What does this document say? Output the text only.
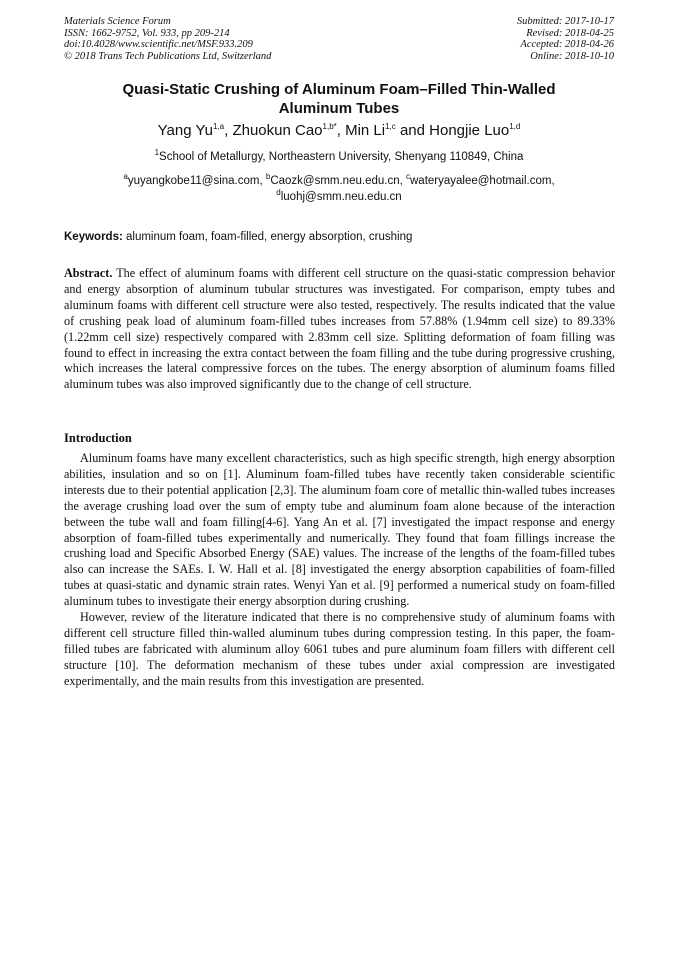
Materials Science Forum
ISSN: 1662-9752, Vol. 933, pp 209-214
doi:10.4028/www.scientific.net/MSF.933.209
© 2018 Trans Tech Publications Ltd, Switzerland
Submitted: 2017-10-17
Revised: 2018-04-25
Accepted: 2018-04-26
Online: 2018-10-10
Quasi-Static Crushing of Aluminum Foam–Filled Thin-Walled Aluminum Tubes
Yang Yu$^{1,a}$, Zhuokun Cao$^{1,b*}$, Min Li$^{1,c}$ and Hongjie Luo$^{1,d}$
$^1$School of Metallurgy, Northeastern University, Shenyang 110849, China
$^a$yuyangkobe11@sina.com, $^b$Caozk@smm.neu.edu.cn, $^c$wateryayalee@hotmail.com,
$^d$luohj@smm.neu.edu.cn
Keywords: aluminum foam, foam-filled, energy absorption, crushing
Abstract. The effect of aluminum foams with different cell structure on the quasi-static compression behavior and energy absorption of aluminum tubular structures was investigated. For comparison, empty tubes and aluminum foams with different cell structure were also tested, respectively. The results indicated that the value of crushing peak load of aluminum foam-filled tubes increases from 57.88% (1.94mm cell size) to 89.33% (1.22mm cell size) respectively compared with 2.83mm cell size. Splitting deformation of foam filling was found to effect in increasing the extra contact between the foam filling and the tube during progressive crushing, which increases the lateral compressive forces on the tubes. The energy absorption of aluminum foams filled aluminum tubes was also improved significantly due to the change of cell structure.
Introduction

Aluminum foams have many excellent characteristics, such as high specific strength, high energy absorption abilities, insulation and so on [1]. Aluminum foam-filled tubes have recently taken considerable scientific interests due to their potential application [2,3]. The aluminum foam core of metallic thin-walled tubes increases the average crushing load over the sum of empty tube and aluminum foam alone because of the interaction between the tube wall and foam filling[4-6]. Yang An et al. [7] investigated the impact response and energy absorption of foam-filled tubes experimentally and numerically. They found that foam fillings increase the crushing load and Specific Absorbed Energy (SAE) values. The increase of the lengths of the foam-filled tubes also can increase the SAEs. I. W. Hall et al. [8] investigated the energy absorption capabilities of foam-filled tubes at quasi-static and dynamic strain rates. Wenyi Yan et al. [9] performed a numerical study on foam-filled aluminum tubes to investigate their energy absorption during crushing.

However, review of the literature indicated that there is no comprehensive study of aluminum foams with different cell structure filled thin-walled aluminum tubes during compression testing. In this paper, the foam-filled tubes are fabricated with aluminum alloy 6061 tubes and pure aluminum foam fillers with different cell structure [10]. The deformation mechanism of these tubes under axial compression are investigated experimentally, and the main results from this investigation are presented.
